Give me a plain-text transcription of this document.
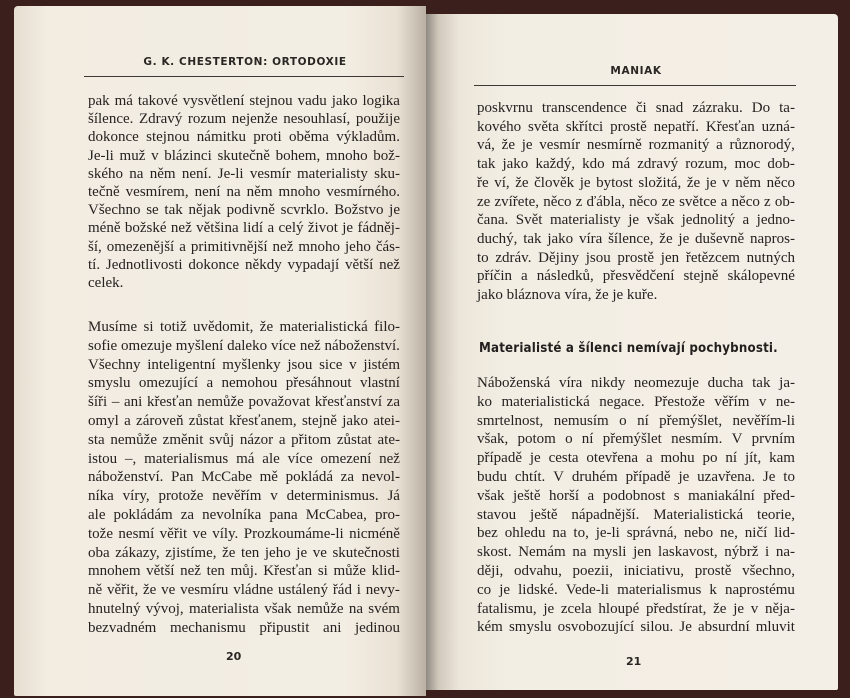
G. K. CHESTERTON: ORTODOXIE
pak má takové vysvětlení stejnou vadu jako logika
šílence. Zdravý rozum nejenže nesouhlasí, použije
dokonce stejnou námitku proti oběma výkladům.
Je-li muž v blázinci skutečně bohem, mnoho bož-
ského na něm není. Je-li vesmír materialisty sku-
tečně vesmírem, není na něm mnoho vesmírného.
Všechno se tak nějak podivně scvrklo. Božstvo je
méně božské než většina lidí a celý život je fádněj-
ší, omezenější a primitivnější než mnoho jeho čás-
tí. Jednotlivosti dokonce někdy vypadají větší než
celek.
Musíme si totiž uvědomit, že materialistická filo-
sofie omezuje myšlení daleko více než náboženství.
Všechny inteligentní myšlenky jsou sice v jistém
smyslu omezující a nemohou přesáhnout vlastní
šíři – ani křesťan nemůže považovat křesťanství za
omyl a zároveň zůstat křesťanem, stejně jako atei-
sta nemůže změnit svůj názor a přitom zůstat ate-
istou –, materialismus má ale více omezení než
náboženství. Pan McCabe mě pokládá za nevol-
níka víry, protože nevěřím v determinismus. Já
ale pokládám za nevolníka pana McCabea, pro-
tože nesmí věřit ve víly. Prozkoumáme-li nicméně
oba zákazy, zjistíme, že ten jeho je ve skutečnosti
mnohem větší než ten můj. Křesťan si může klid-
ně věřit, že ve vesmíru vládne ustálený řád i nevy-
hnutelný vývoj, materialista však nemůže na svém
bezvadném mechanismu připustit ani jedinou
20
MANIAK
poskvrnu transcendence či snad zázraku. Do ta-
kového světa skřítci prostě nepatří. Křesťan uzná-
vá, že je vesmír nesmírně rozmanitý a různorodý,
tak jako každý, kdo má zdravý rozum, moc dob-
ře ví, že člověk je bytost složitá, že je v něm něco
ze zvířete, něco z ďábla, něco ze světce a něco z ob-
čana. Svět materialisty je však jednolitý a jedno-
duchý, tak jako víra šílence, že je duševně napros-
to zdráv. Dějiny jsou prostě jen řetězcem nutných
příčin a následků, přesvědčení stejně skálopevné
jako bláznova víra, že je kuře.
Materialisté a šílenci nemívají pochybnosti.
Náboženská víra nikdy neomezuje ducha tak ja-
ko materialistická negace. Přestože věřím v ne-
smrtelnost, nemusím o ní přemýšlet, nevěřím-li
však, potom o ní přemýšlet nesmím. V prvním
případě je cesta otevřena a mohu po ní jít, kam
budu chtít. V druhém případě je uzavřena. Je to
však ještě horší a podobnost s maniakální před-
stavou ještě nápadnější. Materialistická teorie,
bez ohledu na to, je-li správná, nebo ne, ničí lid-
skost. Nemám na mysli jen laskavost, nýbrž i na-
ději, odvahu, poezii, iniciativu, prostě všechno,
co je lidské. Vede-li materialismus k naprostému
fatalismu, je zcela hloupé předstírat, že je v něja-
kém smyslu osvobozující silou. Je absurdní mluvit
21
